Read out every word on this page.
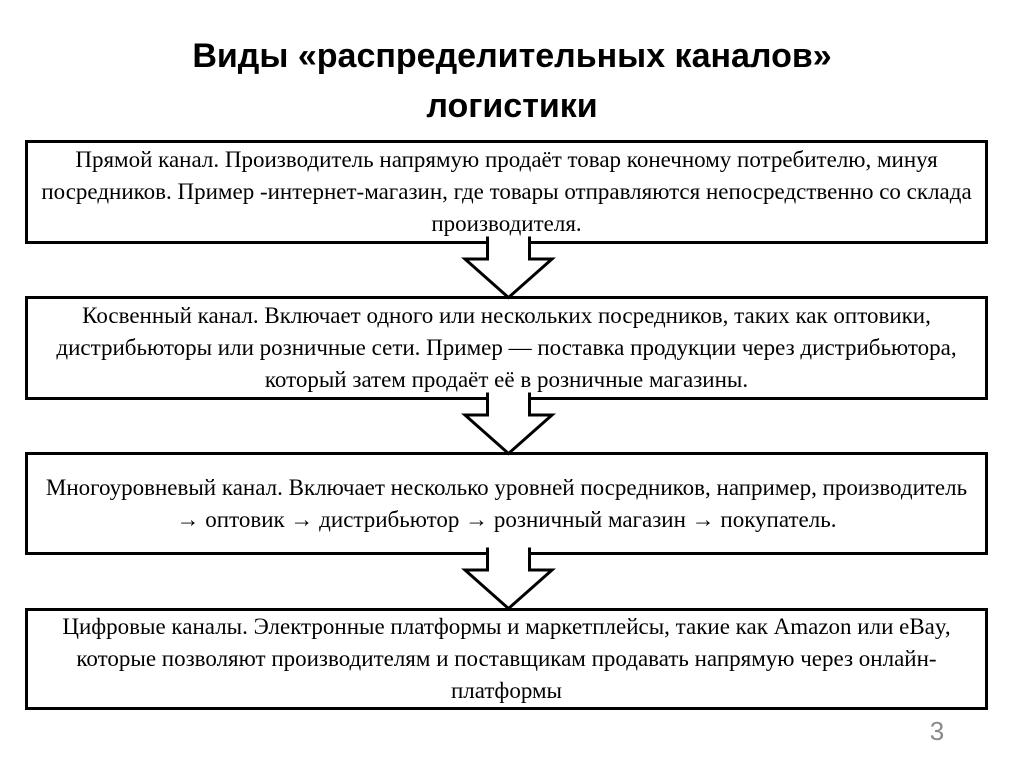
Виды «распределительных каналов»
логистики
Прямой канал. Производитель напрямую продаёт товар конечному потребителю, минуя посредников. Пример -интернет-магазин, где товары отправляются непосредственно со склада производителя.
Косвенный канал. Включает одного или нескольких посредников, таких как оптовики, дистрибьюторы или розничные сети. Пример — поставка продукции через дистрибьютора, который затем продаёт её в розничные магазины.
Многоуровневый канал. Включает несколько уровней посредников, например, производитель → оптовик → дистрибьютор → розничный магазин → покупатель.
Цифровые каналы. Электронные платформы и маркетплейсы, такие как Amazon или eBay, которые позволяют производителям и поставщикам продавать напрямую через онлайн-платформы
3
